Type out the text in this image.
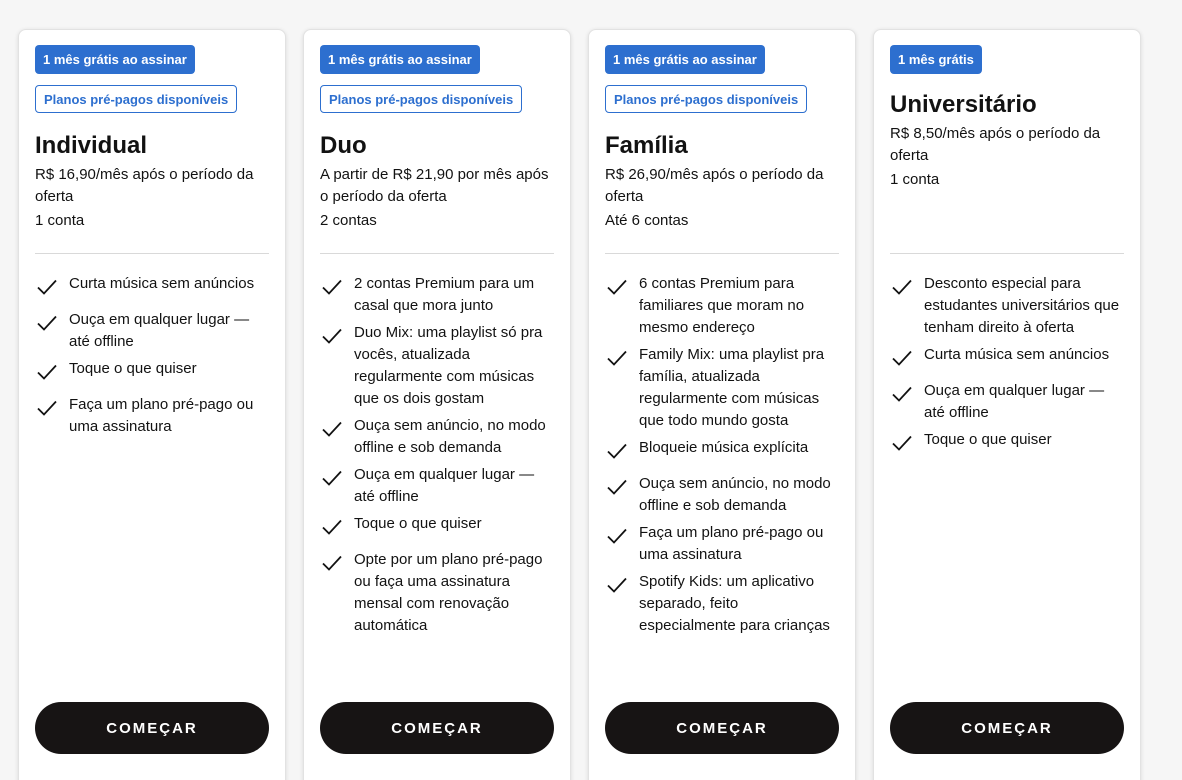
1 mês grátis ao assinar
Planos pré-pagos disponíveis
Individual

R$ 16,90/mês após o período da oferta

1 conta

Curta música sem anúncios
Ouça em qualquer lugar — até offline
Toque o que quiser
Faça um plano pré-pago ou uma assinatura
COMEÇAR
1 mês grátis ao assinar
Planos pré-pagos disponíveis
Duo

A partir de R$ 21,90 por mês após o período da oferta

2 contas

2 contas Premium para um casal que mora junto
Duo Mix: uma playlist só pra vocês, atualizada regularmente com músicas que os dois gostam
Ouça sem anúncio, no modo offline e sob demanda
Ouça em qualquer lugar — até offline
Toque o que quiser
Opte por um plano pré-pago ou faça uma assinatura mensal com renovação automática
COMEÇAR
1 mês grátis ao assinar
Planos pré-pagos disponíveis
Família

R$ 26,90/mês após o período da oferta

Até 6 contas

6 contas Premium para familiares que moram no mesmo endereço
Family Mix: uma playlist pra família, atualizada regularmente com músicas que todo mundo gosta
Bloqueie música explícita
Ouça sem anúncio, no modo offline e sob demanda
Faça um plano pré-pago ou uma assinatura
Spotify Kids: um aplicativo separado, feito especialmente para crianças
COMEÇAR
1 mês grátis
Universitário

R$ 8,50/mês após o período da oferta

1 conta

Desconto especial para estudantes universitários que tenham direito à oferta
Curta música sem anúncios
Ouça em qualquer lugar — até offline
Toque o que quiser
COMEÇAR
